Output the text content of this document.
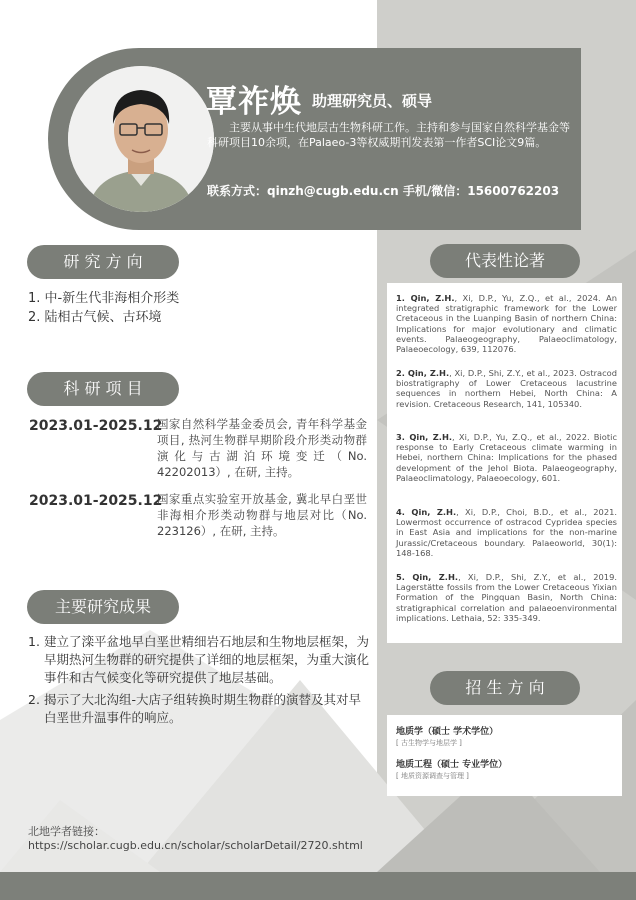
覃祚焕 助理研究员、硕导
主要从事中生代地层古生物科研工作。主持和参与国家自然科学基金等科研项目10余项，在Palaeo-3等权威期刊发表第一作者SCI论文9篇。
联系方式：qinzh@cugb.edu.cn 手机/微信：15600762203
研 究 方 向
1. 中-新生代非海相介形类
2. 陆相古气候、古环境
科 研 项 目
2023.01-2025.12
国家自然科学基金委员会, 青年科学基金项目, 热河生物群早期阶段介形类动物群演化与古湖泊环境变迁（No. 42202013）, 在研, 主持。
2023.01-2025.12
国家重点实验室开放基金, 冀北早白垩世非海相介形类动物群与地层对比（No. 223126）, 在研, 主持。
主要研究成果
1. 建立了滦平盆地早白垩世精细岩石地层和生物地层框架，为早期热河生物群的研究提供了详细的地层框架，为重大演化事件和古气候变化等研究提供了地层基础。
2. 揭示了大北沟组-大店子组转换时期生物群的演替及其对早白垩世升温事件的响应。
北地学者链接：
https://scholar.cugb.edu.cn/scholar/scholarDetail/2720.shtml
代表性论著
1. Qin, Z.H., Xi, D.P., Yu, Z.Q., et al., 2024. An integrated stratigraphic framework for the Lower Cretaceous in the Luanping Basin of northern China: Implications for major evolutionary and climatic events. Palaeogeography, Palaeoclimatology, Palaeoecology, 639, 112076.
2. Qin, Z.H., Xi, D.P., Shi, Z.Y., et al., 2023. Ostracod biostratigraphy of Lower Cretaceous lacustrine sequences in northern Hebei, North China: A revision. Cretaceous Research, 141, 105340.
3. Qin, Z.H., Xi, D.P., Yu, Z.Q., et al., 2022. Biotic response to Early Cretaceous climate warming in Hebei, northern China: Implications for the phased development of the Jehol Biota. Palaeogeography, Palaeoclimatology, Palaeoecology, 601.
4. Qin, Z.H., Xi, D.P., Choi, B.D., et al., 2021. Lowermost occurrence of ostracod Cypridea species in East Asia and implications for the non-marine Jurassic/Cretaceous boundary. Palaeoworld, 30(1): 148-168.
5. Qin, Z.H., Xi, D.P., Shi, Z.Y., et al., 2019. Lagerstätte fossils from the Lower Cretaceous Yixian Formation of the Pingquan Basin, North China: stratigraphical correlation and palaeoenvironmental implications. Lethaia, 52: 335-349.
招 生 方 向
地质学（硕士 学术学位）
[ 古生物学与地层学 ]
地质工程（硕士 专业学位）
[ 地质资源调查与管理 ]
